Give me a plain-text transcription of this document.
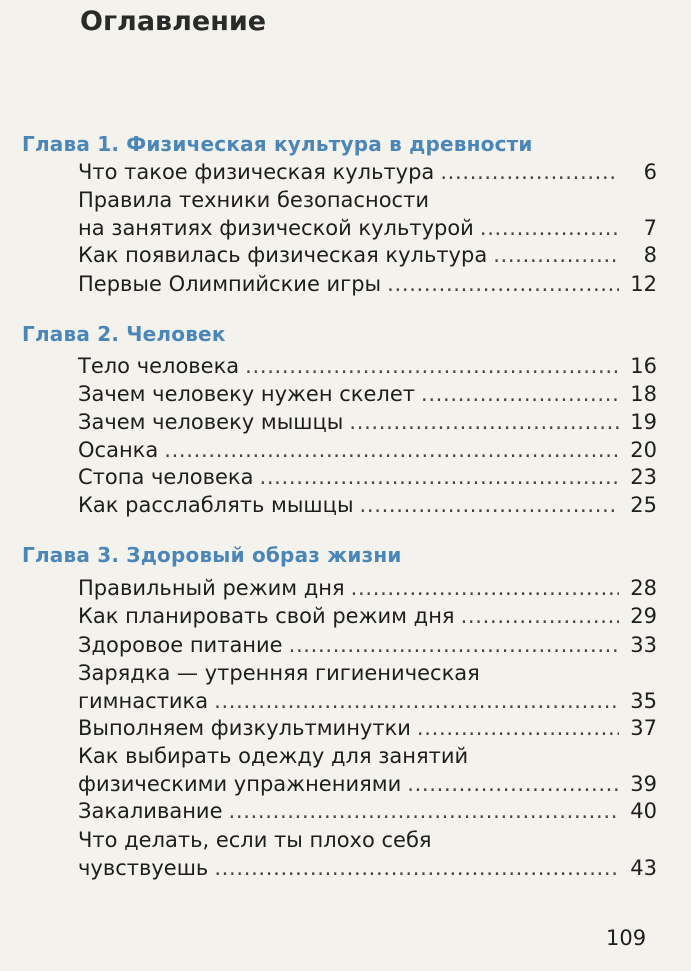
Оглавление
Глава 1. Физическая культура в древности
Что такое физическая культура . . .	6
Правила техники безопасности
на занятиях физической культурой . . .	7
Как появилась физическая культура . . .	8
Первые Олимпийские игры . . .	12
Глава 2. Человек
Тело человека . . .	16
Зачем человеку нужен скелет . . .	18
Зачем человеку мышцы . . .	19
Осанка . . .	20
Стопа человека . . .	23
Как расслаблять мышцы . . .	25
Глава 3. Здоровый образ жизни
Правильный режим дня . . .	28
Как планировать свой режим дня . . .	29
Здоровое питание . . .	33
Зарядка — утренняя гигиеническая
гимнастика . . .	35
Выполняем физкультминутки . . .	37
Как выбирать одежду для занятий
физическими упражнениями . . .	39
Закаливание . . .	40
Что делать, если ты плохо себя
чувствуешь . . .	43
109
